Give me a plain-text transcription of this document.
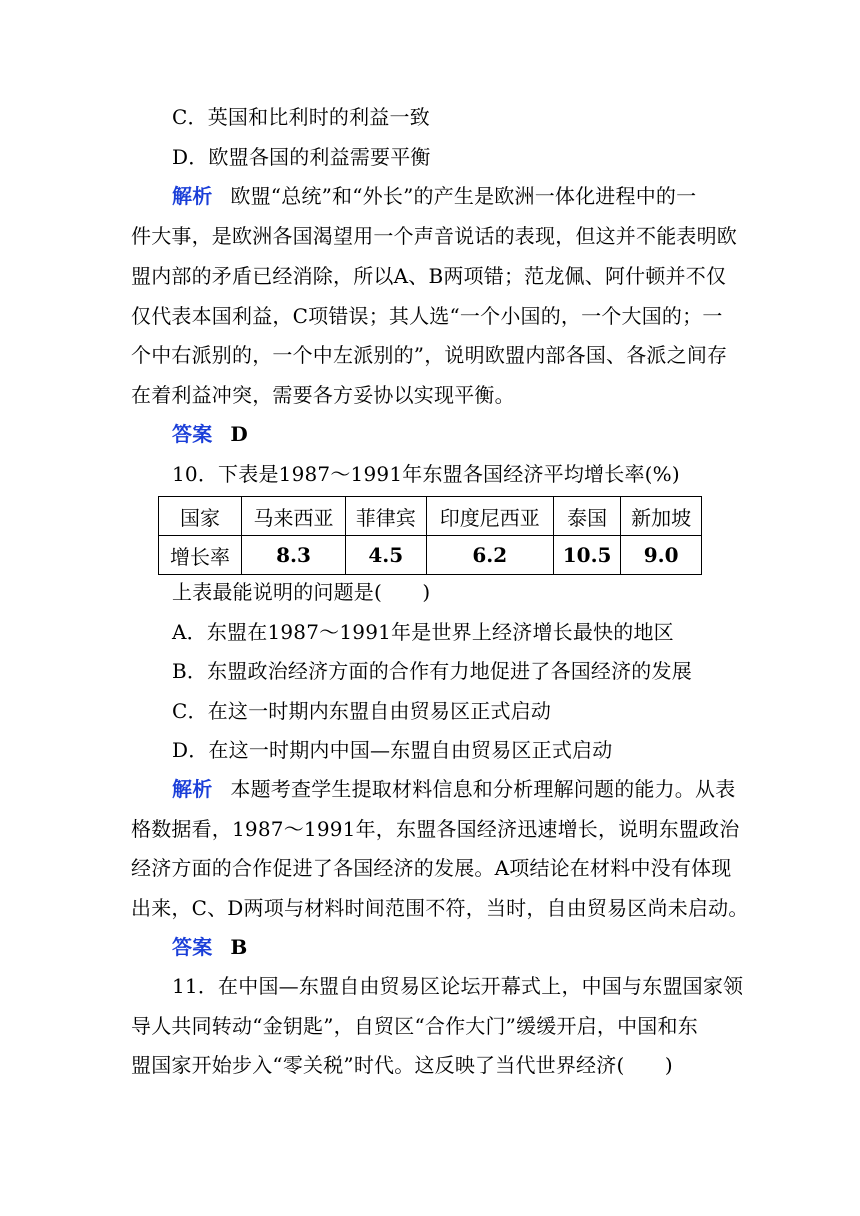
C．英国和比利时的利益一致
D．欧盟各国的利益需要平衡
解析 欧盟“总统”和“外长”的产生是欧洲一体化进程中的一
件大事，是欧洲各国渴望用一个声音说话的表现，但这并不能表明欧
盟内部的矛盾已经消除，所以A、B两项错；范龙佩、阿什顿并不仅
仅代表本国利益，C项错误；其人选“一个小国的，一个大国的；一
个中右派别的，一个中左派别的”，说明欧盟内部各国、各派之间存
在着利益冲突，需要各方妥协以实现平衡。
答案 D
10．下表是1987～1991年东盟各国经济平均增长率(%)
国家	马来西亚	菲律宾	印度尼西亚	泰国	新加坡
增长率	8.3	4.5	6.2	10.5	9.0
上表最能说明的问题是(　　)
A．东盟在1987～1991年是世界上经济增长最快的地区
B．东盟政治经济方面的合作有力地促进了各国经济的发展
C．在这一时期内东盟自由贸易区正式启动
D．在这一时期内中国—东盟自由贸易区正式启动
解析 本题考查学生提取材料信息和分析理解问题的能力。从表
格数据看，1987～1991年，东盟各国经济迅速增长，说明东盟政治
经济方面的合作促进了各国经济的发展。A项结论在材料中没有体现
出来，C、D两项与材料时间范围不符，当时，自由贸易区尚未启动。
答案 B
11．在中国—东盟自由贸易区论坛开幕式上，中国与东盟国家领
导人共同转动“金钥匙”，自贸区“合作大门”缓缓开启，中国和东
盟国家开始步入“零关税”时代。这反映了当代世界经济(　　)
